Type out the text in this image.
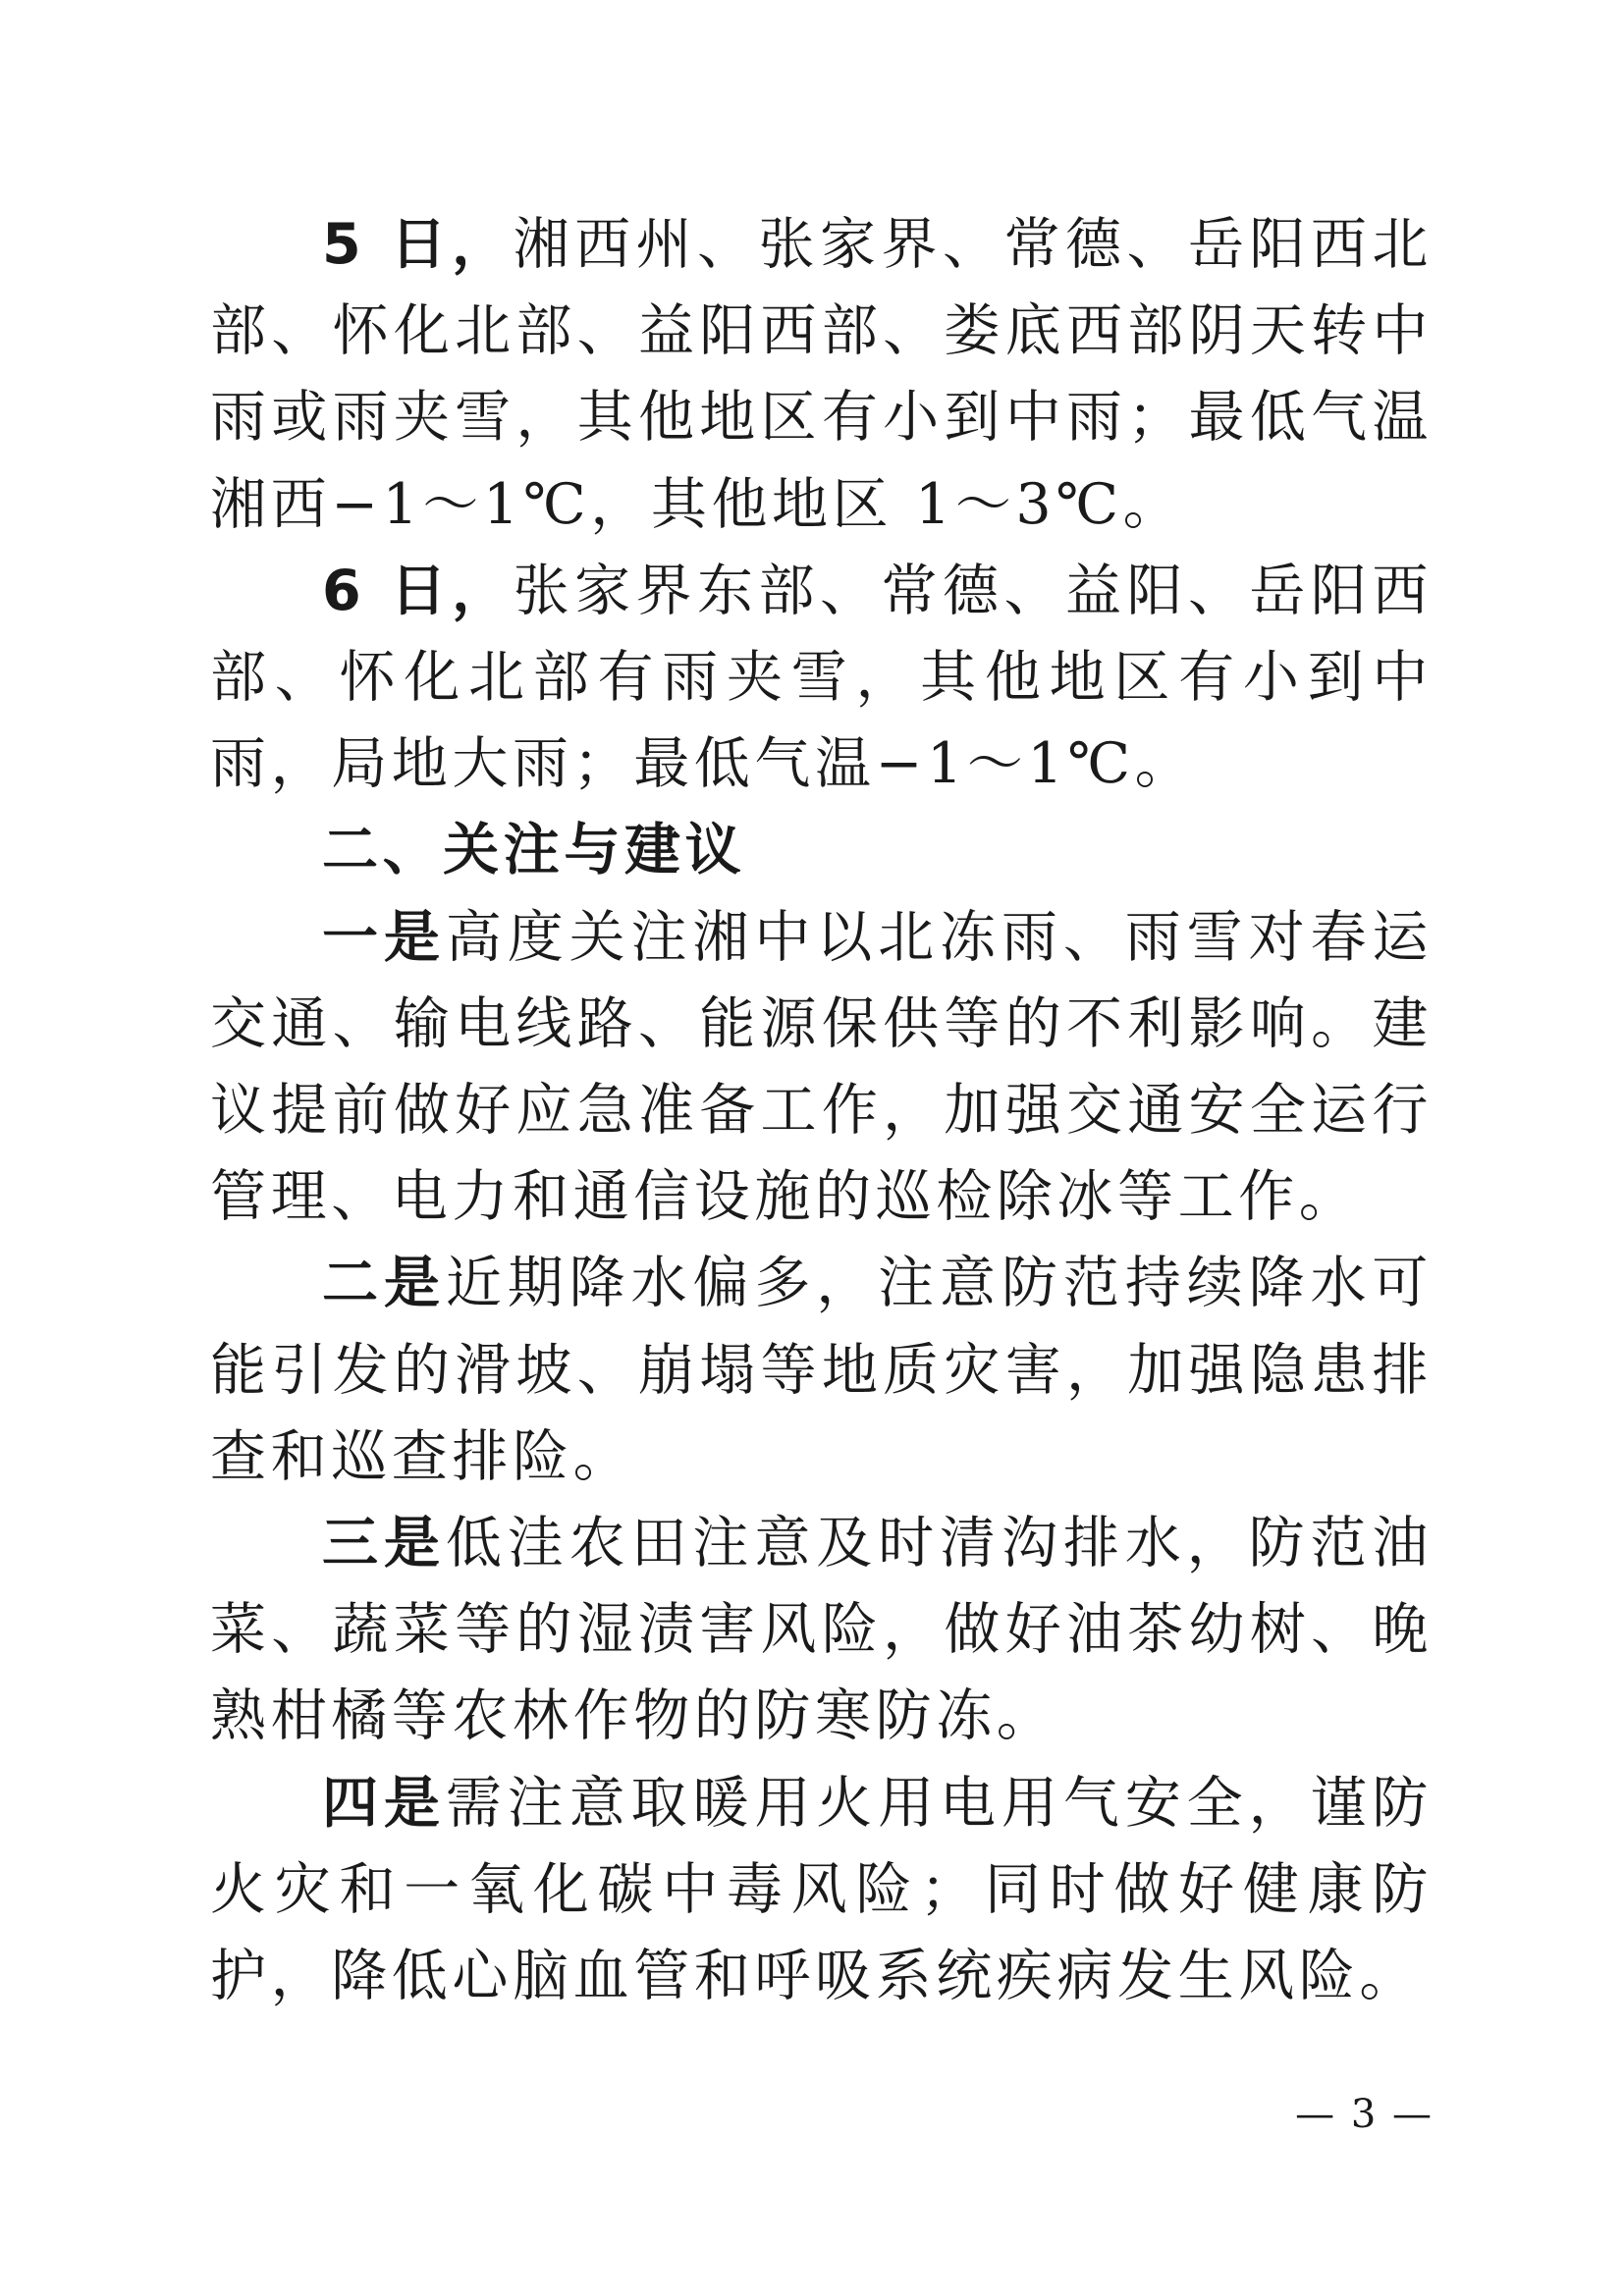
5 日，湘西州、张家界、常德、岳阳西北部、怀化北部、益阳西部、娄底西部阴天转中雨或雨夹雪，其他地区有小到中雨；最低气温湘西−1～1℃，其他地区 1～3℃。

6 日，张家界东部、常德、益阳、岳阳西部、怀化北部有雨夹雪，其他地区有小到中雨，局地大雨；最低气温−1～1℃。

二、关注与建议

一是高度关注湘中以北冻雨、雨雪对春运交通、输电线路、能源保供等的不利影响。建议提前做好应急准备工作，加强交通安全运行管理、电力和通信设施的巡检除冰等工作。

二是近期降水偏多，注意防范持续降水可能引发的滑坡、崩塌等地质灾害，加强隐患排查和巡查排险。

三是低洼农田注意及时清沟排水，防范油菜、蔬菜等的湿渍害风险，做好油茶幼树、晚熟柑橘等农林作物的防寒防冻。

四是需注意取暖用火用电用气安全，谨防火灾和一氧化碳中毒风险；同时做好健康防护，降低心脑血管和呼吸系统疾病发生风险。

— 3 —
